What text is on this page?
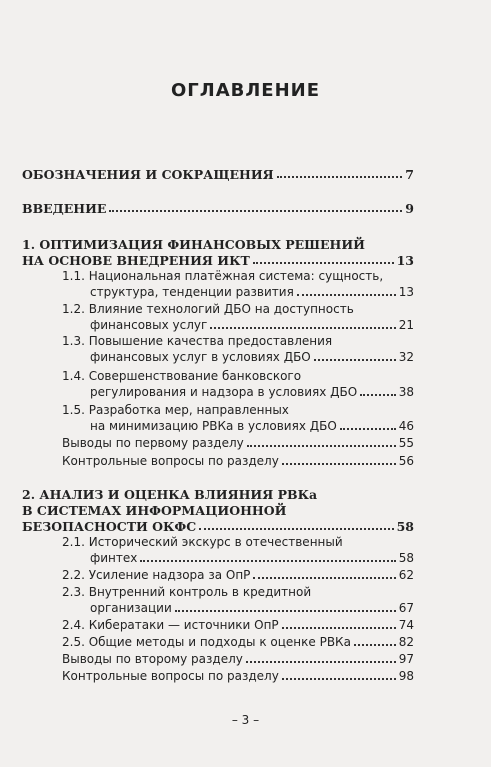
ОГЛАВЛЕНИЕ
ОБОЗНАЧЕНИЯ И СОКРАЩЕНИЯ	7
ВВЕДЕНИЕ	9
1. ОПТИМИЗАЦИЯ ФИНАНСОВЫХ РЕШЕНИЙ
НА ОСНОВЕ ВНЕДРЕНИЯ ИКТ	13
1.1. Национальная платёжная система: сущность,
структура, тенденции развития	13
1.2. Влияние технологий ДБО на доступность
финансовых услуг	21
1.3. Повышение качества предоставления
финансовых услуг в условиях ДБО	32
1.4. Совершенствование банковского
регулирования и надзора в условиях ДБО	38
1.5. Разработка мер, направленных
на минимизацию РВКа в условиях ДБО	46
Выводы по первому разделу	55
Контрольные вопросы по разделу	56
2. АНАЛИЗ И ОЦЕНКА ВЛИЯНИЯ РВКа
В СИСТЕМАХ ИНФОРМАЦИОННОЙ
БЕЗОПАСНОСТИ ОКФС	58
2.1. Исторический экскурс в отечественный
финтех	58
2.2. Усиление надзора за ОпР	62
2.3. Внутренний контроль в кредитной
организации	67
2.4. Кибератаки — источники ОпР	74
2.5. Общие методы и подходы к оценке РВКа	82
Выводы по второму разделу	97
Контрольные вопросы по разделу	98
– 3 –
